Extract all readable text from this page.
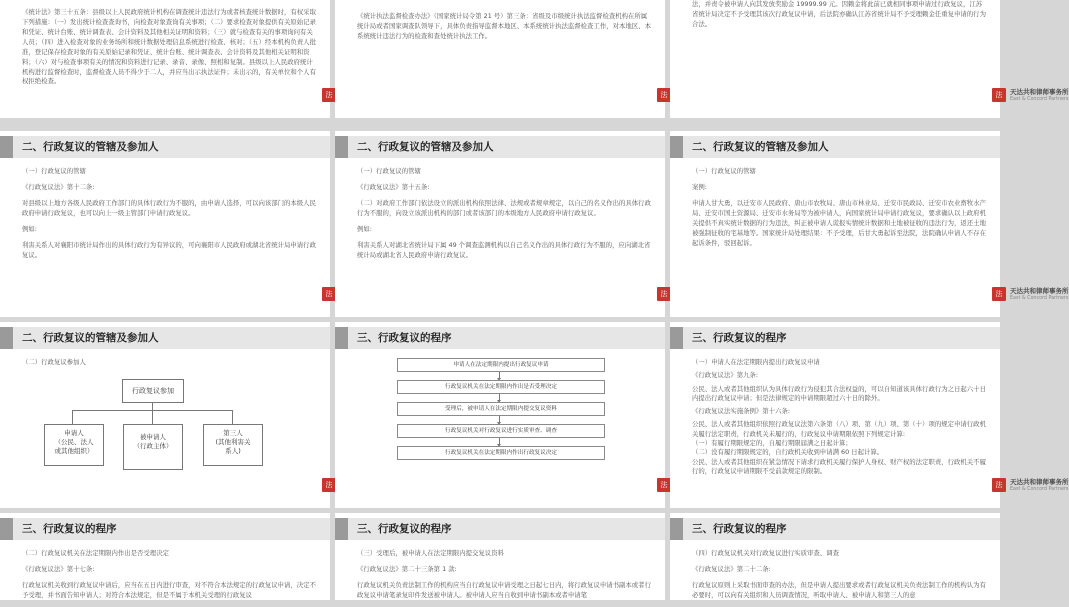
《统计法》第三十五条：县级以上人民政府统计机构在调查统计违法行为或者核查统计数据时，有权采取下列措施：（一）发出统计检查查询书，向检查对象查询有关事项；（二）要求检查对象提供有关原始记录和凭证、统计台账、统计调查表、会计资料及其他相关证明和资料；（三）就与检查有关的事项询问有关人员；（四）进入检查对象的业务场所和统计数据处理信息系统进行检查、核对；（五）经本机构负责人批准，登记保存检查对象的有关原始记录和凭证、统计台账、统计调查表、会计资料及其他相关证明和资料；（六）对与检查事项有关的情况和资料进行记录、录音、录像、照相和复制。县级以上人民政府统计机构进行监督检查时，监督检查人员不得少于二人，并应当出示执法证件；未出示的，有关单位和个人有权拒绝检查。
法
《统计执法监督检查办法》（国家统计局令第 21 号）第三条：省级及市级统计执法监督检查机构在所属统计局或者国家调查队领导下，具体负责指导监督本地区、本系统统计执法监督检查工作，对本地区、本系统统计违法行为的检查和查处统计执法工作。
法
法，并责令被申请人向其发放奖励金 19999.99 元。因赖金将此前已就相同事项申请过行政复议，江苏省统计局决定不予受理其该次行政复议申请，后法院亦确认江苏省统计局不予受理赖金任重复申请的行为合法。
法	天达共和律师事务所
East & Concord Partners
二、行政复议的管辖及参加人

（一）行政复议的管辖

《行政复议法》第十二条:

对县级以上地方各级人民政府工作部门的具体行政行为不服的，由申请人选择，可以向该部门的本级人民政府申请行政复议，也可以向上一级主管部门申请行政复议。

例如:

利害关系人对襄阳市统计局作出的具体行政行为有异议的，可向襄阳市人民政府或湖北省统计局申请行政复议。

法
二、行政复议的管辖及参加人

（一）行政复议的管辖

《行政复议法》第十五条:

（二）对政府工作部门依法设立的派出机构依照法律、法规或者规章规定，以自己的名义作出的具体行政行为不服的，向设立该派出机构的部门或者该部门的本级地方人民政府申请行政复议。

例如:

利害关系人对湖北省统计局下属 49 个调查监测机构以自己名义作出的具体行政行为不服的，应向湖北省统计局或湖北省人民政府申请行政复议。

法
二、行政复议的管辖及参加人

（一）行政复议的管辖

案例:

申请人甘大勇，以迁安市人民政府、唐山市农牧局、唐山市林业局、迁安市民政局、迁安市农业畜牧水产局、迁安市国土资源局、迁安市水务局等为被申请人，向国家统计局申请行政复议，要求确认以上政府机关提供不真实统计数据的行为违法，纠正被申请人谎报实情统计数据和土地被征收的违法行为，返还土地被强制征收的宅基地等。国家统计局处理结果：不予受理，后甘大勇起诉至法院，法院确认申请人不存在起诉条件，驳回起诉。

法	天达共和律师事务所
East & Concord Partners
二、行政复议的管辖及参加人

（二）行政复议参加人

行政复议参加
申请人
（公民、法人
或其他组织）
被申请人
（行政主体）
第三人
(其他利害关
系人)
法
三、行政复议的程序
申请人在法定期限内提出行政复议申请
行政复议机关在法定期限内作出是否受理决定
受理后，被申请人在法定期限内提交复议资料
行政复议机关对行政复议进行实质审查、调查
行政复议机关在法定期限内作出行政复议决定
法
三、行政复议的程序

（一）申请人在法定期限内提出行政复议申请

《行政复议法》第九条:

公民、法人或者其他组织认为具体行政行为侵犯其合法权益的，可以自知道该具体行政行为之日起六十日内提出行政复议申请；但是法律规定的申请期限超过六十日的除外。

《行政复议法实施条例》第十六条:

公民、法人或者其他组织依照行政复议法第六条第（八）项、第（九）项、第（十）项的规定申请行政机关履行法定职责，行政机关未履行的，行政复议申请期限依照下列规定计算:

（一）有履行期限规定的，自履行期限届满之日起计算；

（二）没有履行期限规定的，自行政机关收到申请满 60 日起计算。

公民、法人或者其他组织在紧急情况下请求行政机关履行保护人身权、财产权的法定职责，行政机关不履行的，行政复议申请期限不受前款规定的限制。

法	天达共和律师事务所
East & Concord Partners
三、行政复议的程序

（二）行政复议机关在法定期限内作出是否受理决定

《行政复议法》第十七条:

行政复议机关收到行政复议申请后，应当在五日内进行审查，对不符合本法规定的行政复议申请，决定不予受理，并书面告知申请人；对符合本法规定，但是不属于本机关受理的行政复议

三、行政复议的程序

（三）受理后，被申请人在法定期限内提交复议资料

《行政复议法》第二十三条第 1 款:

行政复议机关负责法制工作的机构应当自行政复议申请受理之日起七日内，将行政复议申请书副本或者行政复议申请笔录复印件发送被申请人。被申请人应当自收到申请书副本或者申请笔

三、行政复议的程序

（四）行政复议机关对行政复议进行实质审查、调查

《行政复议法》第二十二条:

行政复议原则上采取书面审查的办法，但是申请人提出要求或者行政复议机关负责法制工作的机构认为有必要时，可以向有关组织和人员调查情况，听取申请人、被申请人和第三人的意
